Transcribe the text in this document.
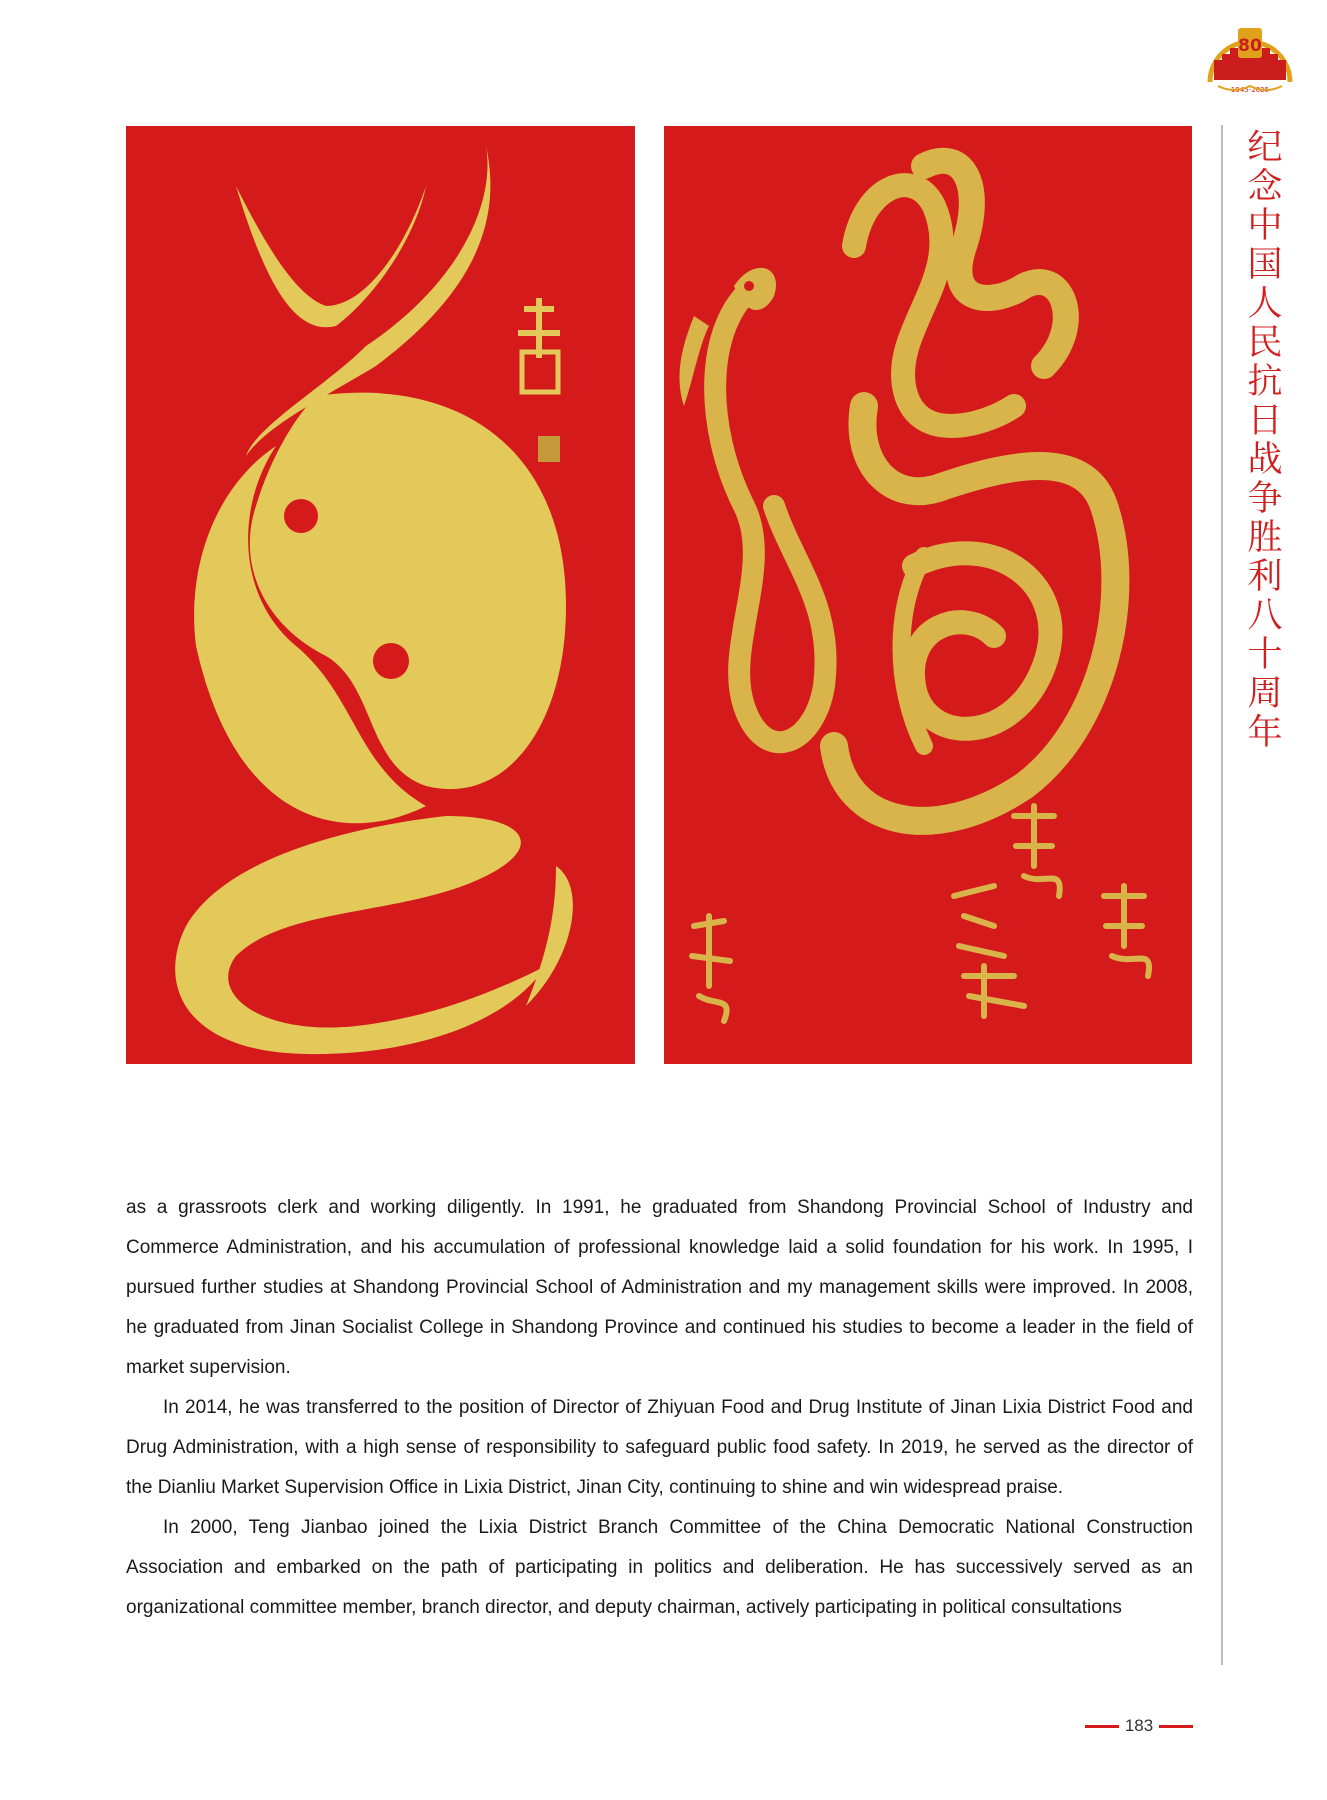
80
1945-2025
纪念中国人民抗日战争胜利八十周年

as a grassroots clerk and working diligently. In 1991, he graduated from Shandong Provincial School of Industry and Commerce Administration, and his accumulation of professional knowledge laid a solid foundation for his work. In 1995, I pursued further studies at Shandong Provincial School of Administration and my management skills were improved. In 2008, he graduated from Jinan Socialist College in Shandong Province and continued his studies to become a leader in the field of market supervision.

In 2014, he was transferred to the position of Director of Zhiyuan Food and Drug Institute of Jinan Lixia District Food and Drug Administration, with a high sense of responsibility to safeguard public food safety. In 2019, he served as the director of the Dianliu Market Supervision Office in Lixia District, Jinan City, continuing to shine and win widespread praise.

In 2000, Teng Jianbao joined the Lixia District Branch Committee of the China Democratic National Construction Association and embarked on the path of participating in politics and deliberation. He has successively served as an organizational committee member, branch director, and deputy chairman, actively participating in political consultations

183
